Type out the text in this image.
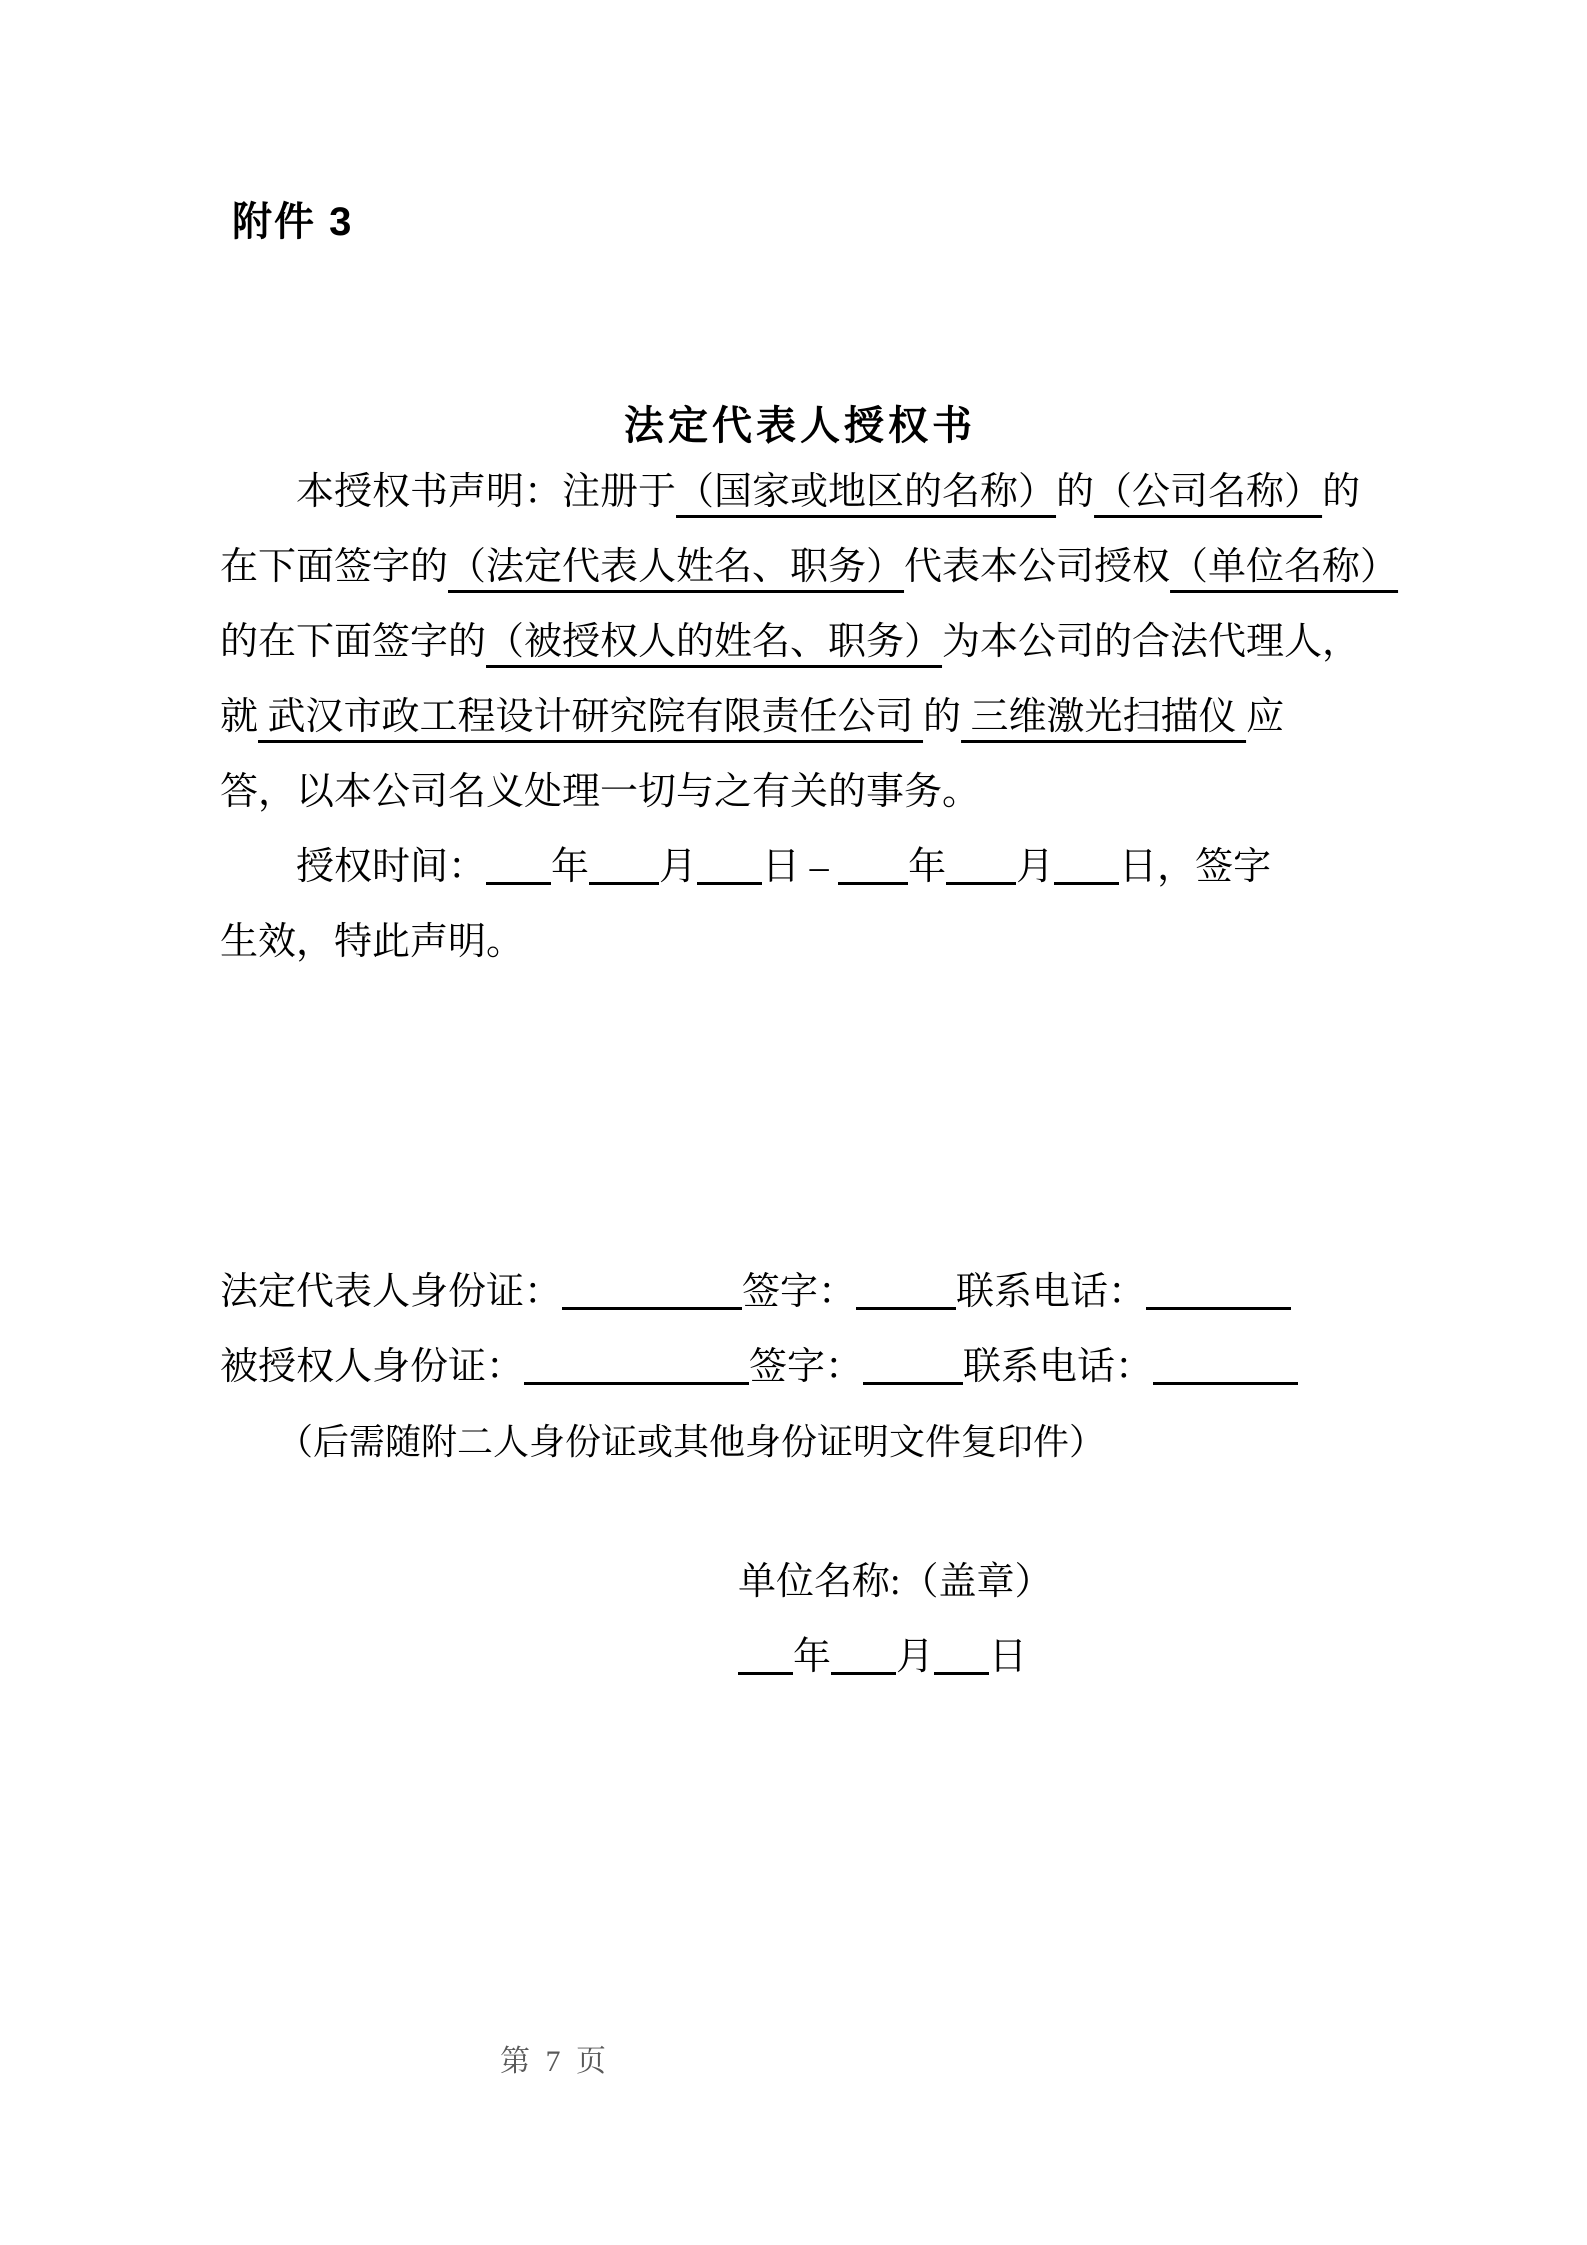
附件 3
法定代表人授权书
本授权书声明：注册于（国家或地区的名称）的（公司名称）的
在下面签字的（法定代表人姓名、职务）代表本公司授权（单位名称）
的在下面签字的（被授权人的姓名、职务）为本公司的合法代理人，
就 武汉市政工程设计研究院有限责任公司 的 三维激光扫描仪 应
答，以本公司名义处理一切与之有关的事务。
授权时间： 年 月 日 – 年 月 日，签字
生效，特此声明。
法定代表人身份证：	签字：	联系电话：
被授权人身份证：	签字：	联系电话：
（后需随附二人身份证或其他身份证明文件复印件）
单位名称:（盖章）
年 月 日
第 7 页
